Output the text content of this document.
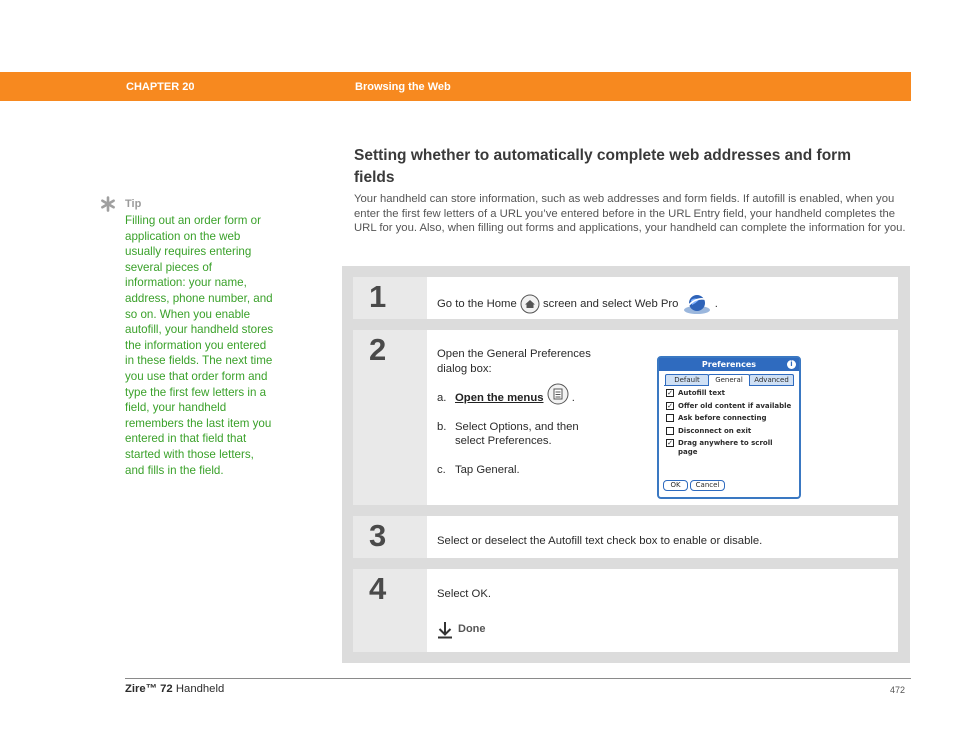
CHAPTER 20	Browsing the Web
Tip
Filling out an order form or application on the web usually requires entering several pieces of information: your name, address, phone number, and so on. When you enable autofill, your handheld stores the information you entered in these fields. The next time you use that order form and type the first few letters in a field, your handheld remembers the last item you entered in that field that started with those letters, and fills in the field.
Setting whether to automatically complete web addresses and form fields
Your handheld can store information, such as web addresses and form fields. If autofill is enabled, when you enter the first few letters of a URL you’ve entered before in the URL Entry field, your handheld completes the URL for you. Also, when filling out forms and applications, your handheld can complete the information for you.
1	Go to the Home screen and select Web Pro	.
2	Open the General Preferences
dialog box:
a. Open the menus	.
b. Select Options, and then
select Preferences.
c. Tap General.
Preferences	i
Default	General	Advanced
✓ Autofill text
✓ Offer old content if available
Ask before connecting
Disconnect on exit
✓ Drag anywhere to scroll page
OK	Cancel
3	Select or deselect the Autofill text check box to enable or disable.
4	Select OK.
Done
Zire™ 72 Handheld	472
